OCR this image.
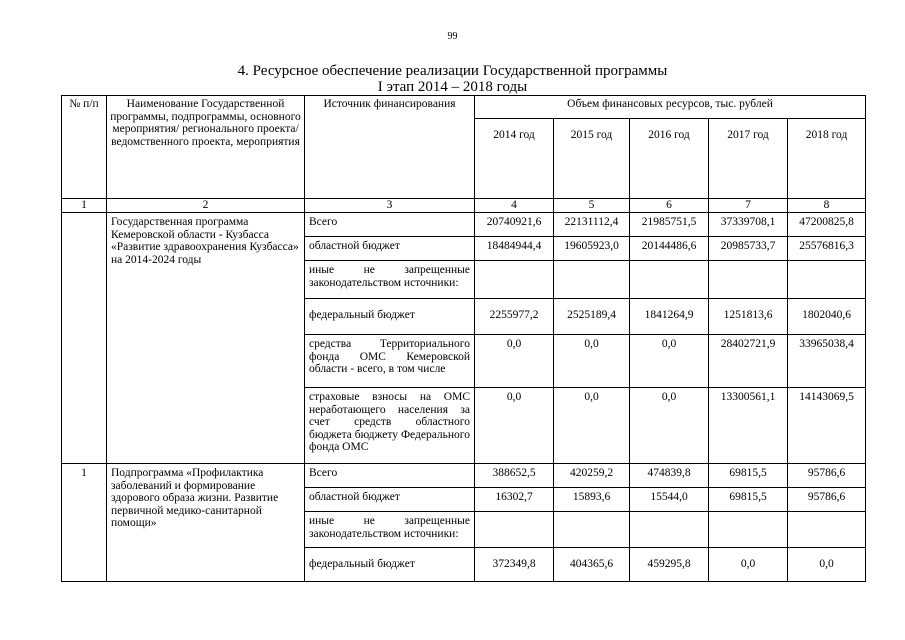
99
4. Ресурсное обеспечение реализации Государственной программы
I этап 2014 – 2018 годы
№ п/п	Наименование Государственной программы, подпрограммы, основного мероприятия/ регионального проекта/ ведомственного проекта, мероприятия	Источник финансирования	Объем финансовых ресурсов, тыс. рублей				
			2014 год	2015 год	2016 год	2017 год	2018 год
1	2	3	4	5	6	7	8
	Государственная программа Кемеровской области - Кузбасса «Развитие здравоохранения Кузбасса» на 2014-2024 годы	Всего	20740921,6	22131112,4	21985751,5	37339708,1	47200825,8
		областной бюджет	18484944,4	19605923,0	20144486,6	20985733,7	25576816,3
		иные не запрещенные законодательством источники:					
		федеральный бюджет	2255977,2	2525189,4	1841264,9	1251813,6	1802040,6
		средства Территориального фонда ОМС Кемеровской области - всего, в том числе	0,0	0,0	0,0	28402721,9	33965038,4
		страховые взносы на ОМС неработающего населения за счет средств областного бюджета бюджету Федерального фонда ОМС	0,0	0,0	0,0	13300561,1	14143069,5
1	Подпрограмма «Профилактика заболеваний и формирование здорового образа жизни. Развитие первичной медико-санитарной помощи»	Всего	388652,5	420259,2	474839,8	69815,5	95786,6
		областной бюджет	16302,7	15893,6	15544,0	69815,5	95786,6
		иные не запрещенные законодательством источники:					
		федеральный бюджет	372349,8	404365,6	459295,8	0,0	0,0
